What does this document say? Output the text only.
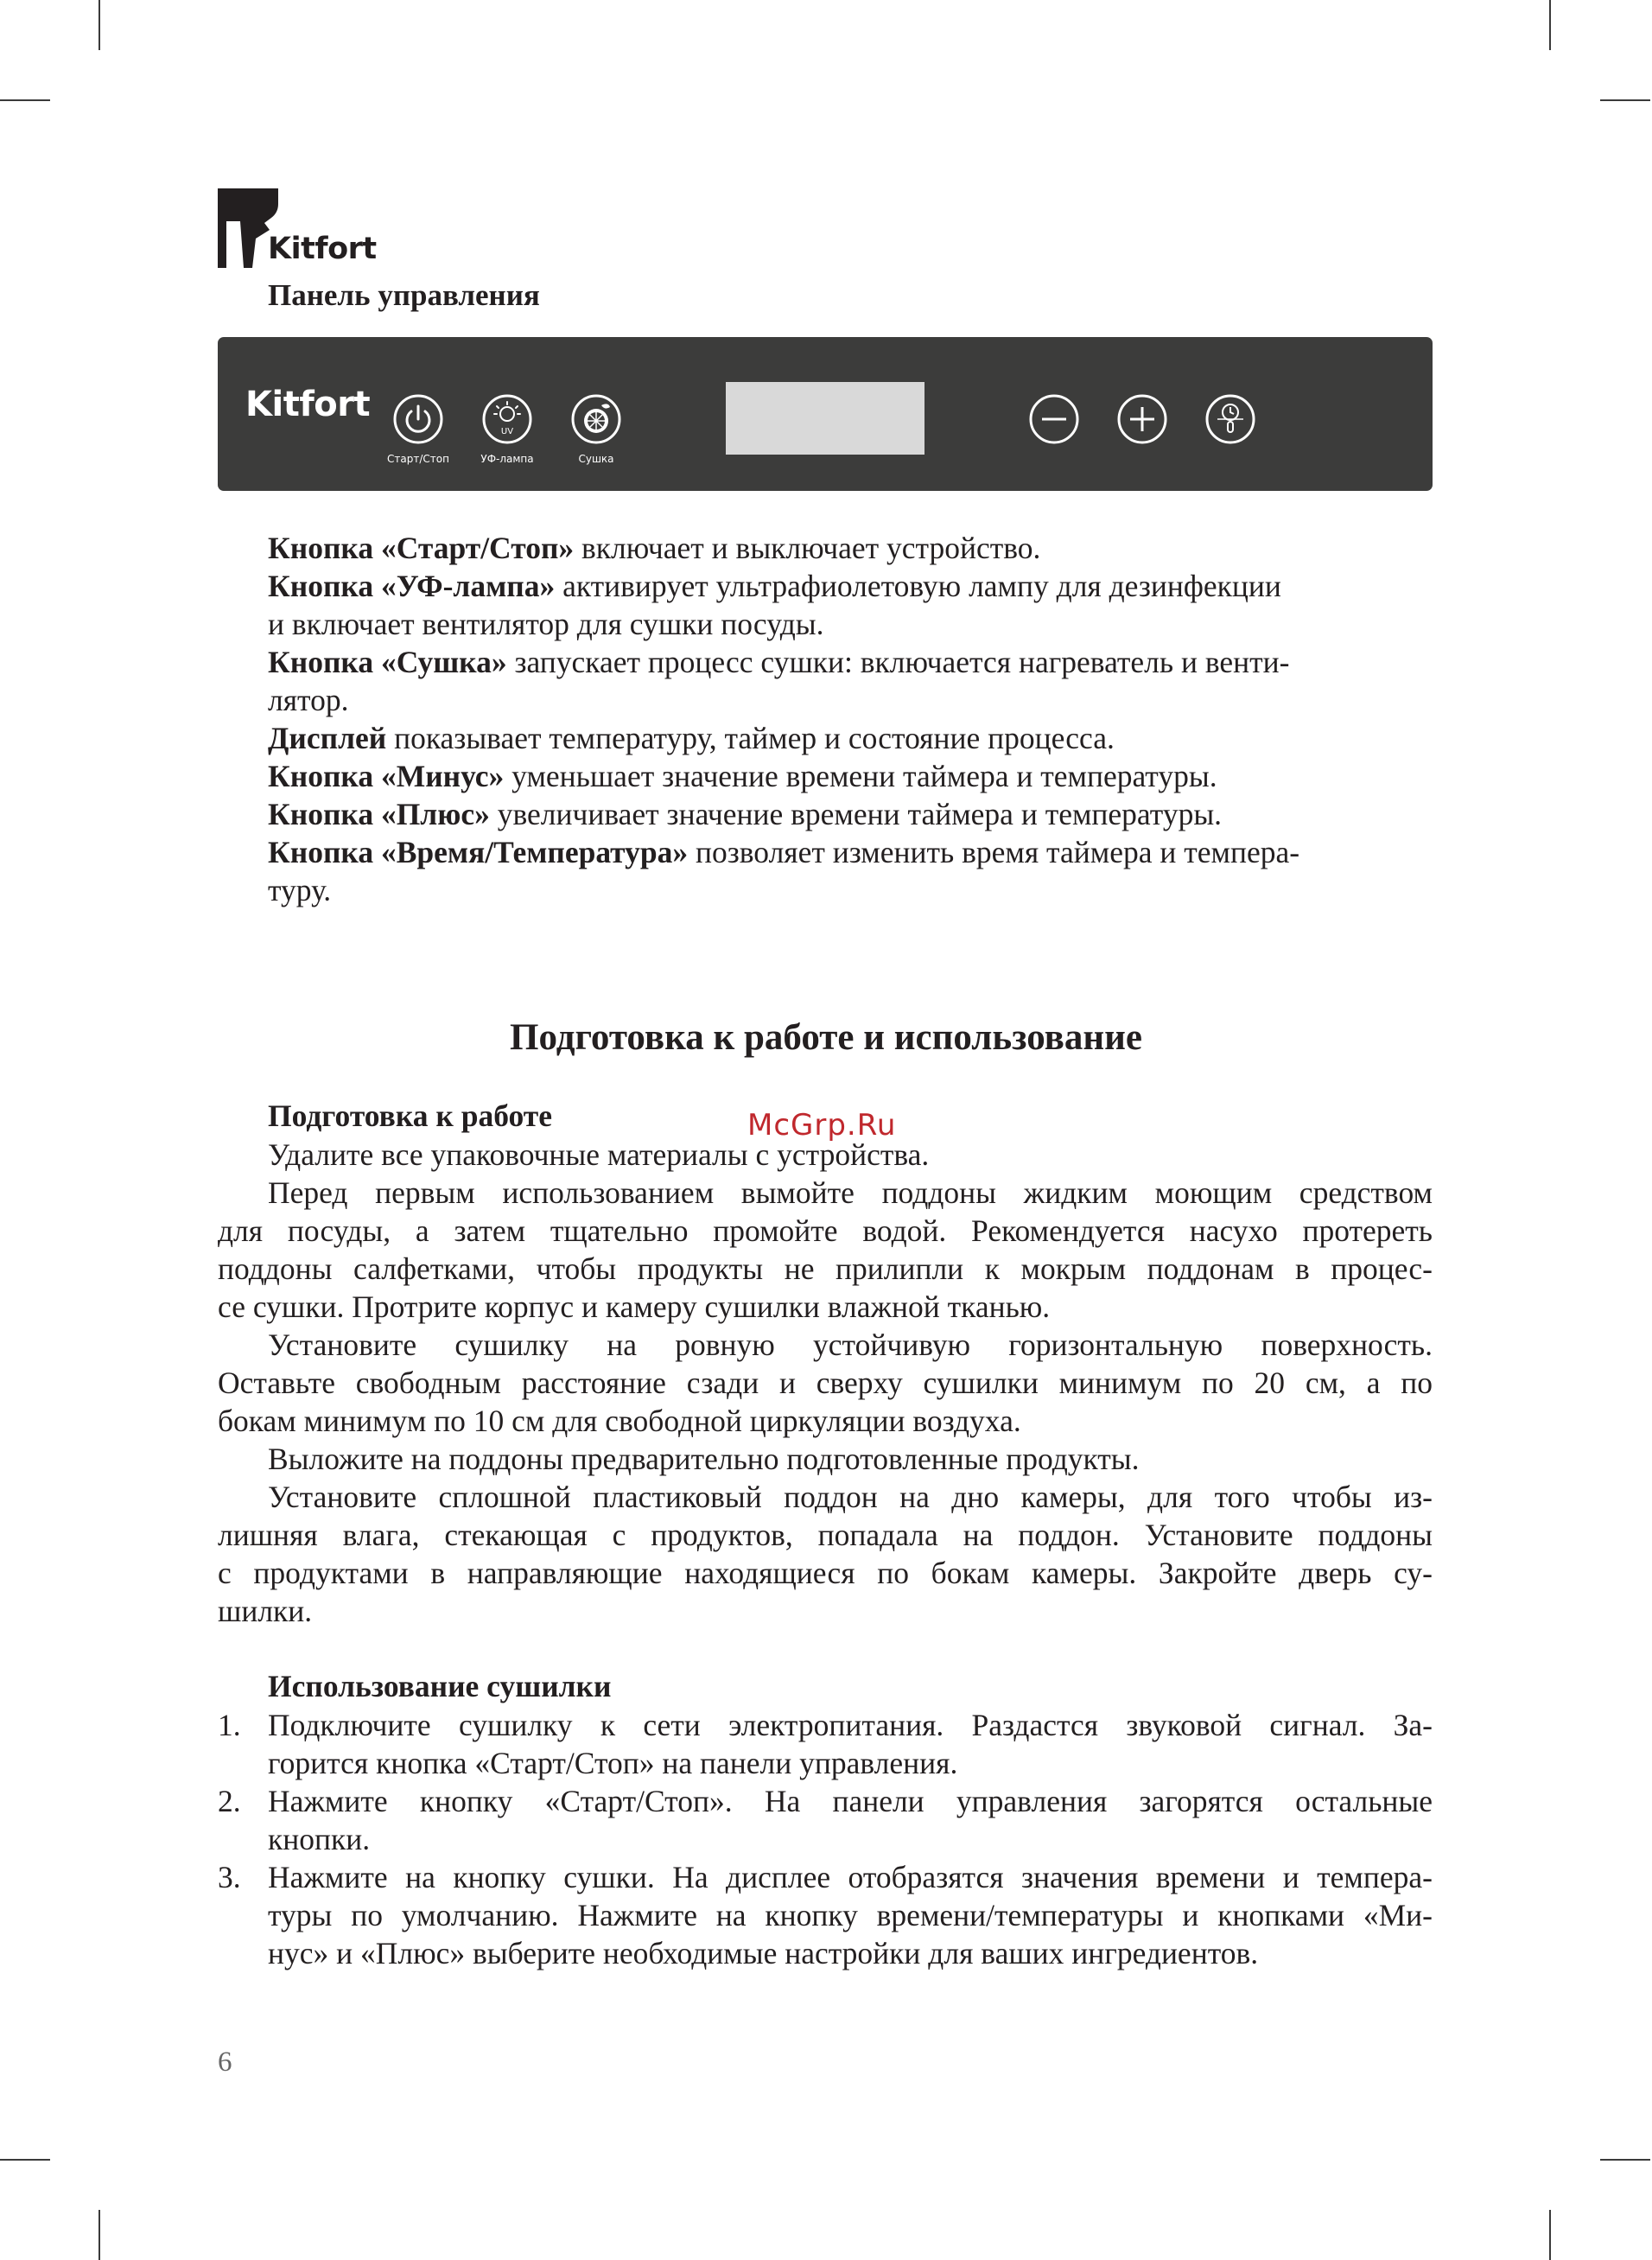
Kitfort
Панель управления
Kitfort
Старт/Стоп
UV
УФ-лампа	Сушка
Кнопка «Старт/Стоп» включает и выключает устройство.
Кнопка «УФ-лампа» активирует ультрафиолетовую лампу для дезинфекции
и включает вентилятор для сушки посуды.
Кнопка «Сушка» запускает процесс сушки: включается нагреватель и венти-
лятор.
Дисплей показывает температуру, таймер и состояние процесса.
Кнопка «Минус» уменьшает значение времени таймера и температуры.
Кнопка «Плюс» увеличивает значение времени таймера и температуры.
Кнопка «Время/Температура» позволяет изменить время таймера и темпера-
туру.
Подготовка к работе и использование
Подготовка к работе
Удалите все упаковочные материалы с устройства.
Перед первым использованием вымойте поддоны жидким моющим средством
для посуды, а затем тщательно промойте водой. Рекомендуется насухо протереть
поддоны салфетками, чтобы продукты не прилипли к мокрым поддонам в процес-
се сушки. Протрите корпус и камеру сушилки влажной тканью.
Установите сушилку на ровную устойчивую горизонтальную поверхность.
Оставьте свободным расстояние сзади и сверху сушилки минимум по 20 см, а по
бокам минимум по 10 см для свободной циркуляции воздуха.
Выложите на поддоны предварительно подготовленные продукты.
Установите сплошной пластиковый поддон на дно камеры, для того чтобы из-
лишняя влага, стекающая с продуктов, попадала на поддон. Установите поддоны
с продуктами в направляющие находящиеся по бокам камеры. Закройте дверь су-
шилки.
McGrp.Ru
Использование сушилки
1. Подключите сушилку к сети электропитания. Раздастся звуковой сигнал. За-
горится кнопка «Старт/Стоп» на панели управления.
2. Нажмите кнопку «Старт/Стоп». На панели управления загорятся остальные
кнопки.
3. Нажмите на кнопку сушки. На дисплее отобразятся значения времени и темпера-
туры по умолчанию. Нажмите на кнопку времени/температуры и кнопками «Ми-
нус» и «Плюс» выберите необходимые настройки для ваших ингредиентов.
6
